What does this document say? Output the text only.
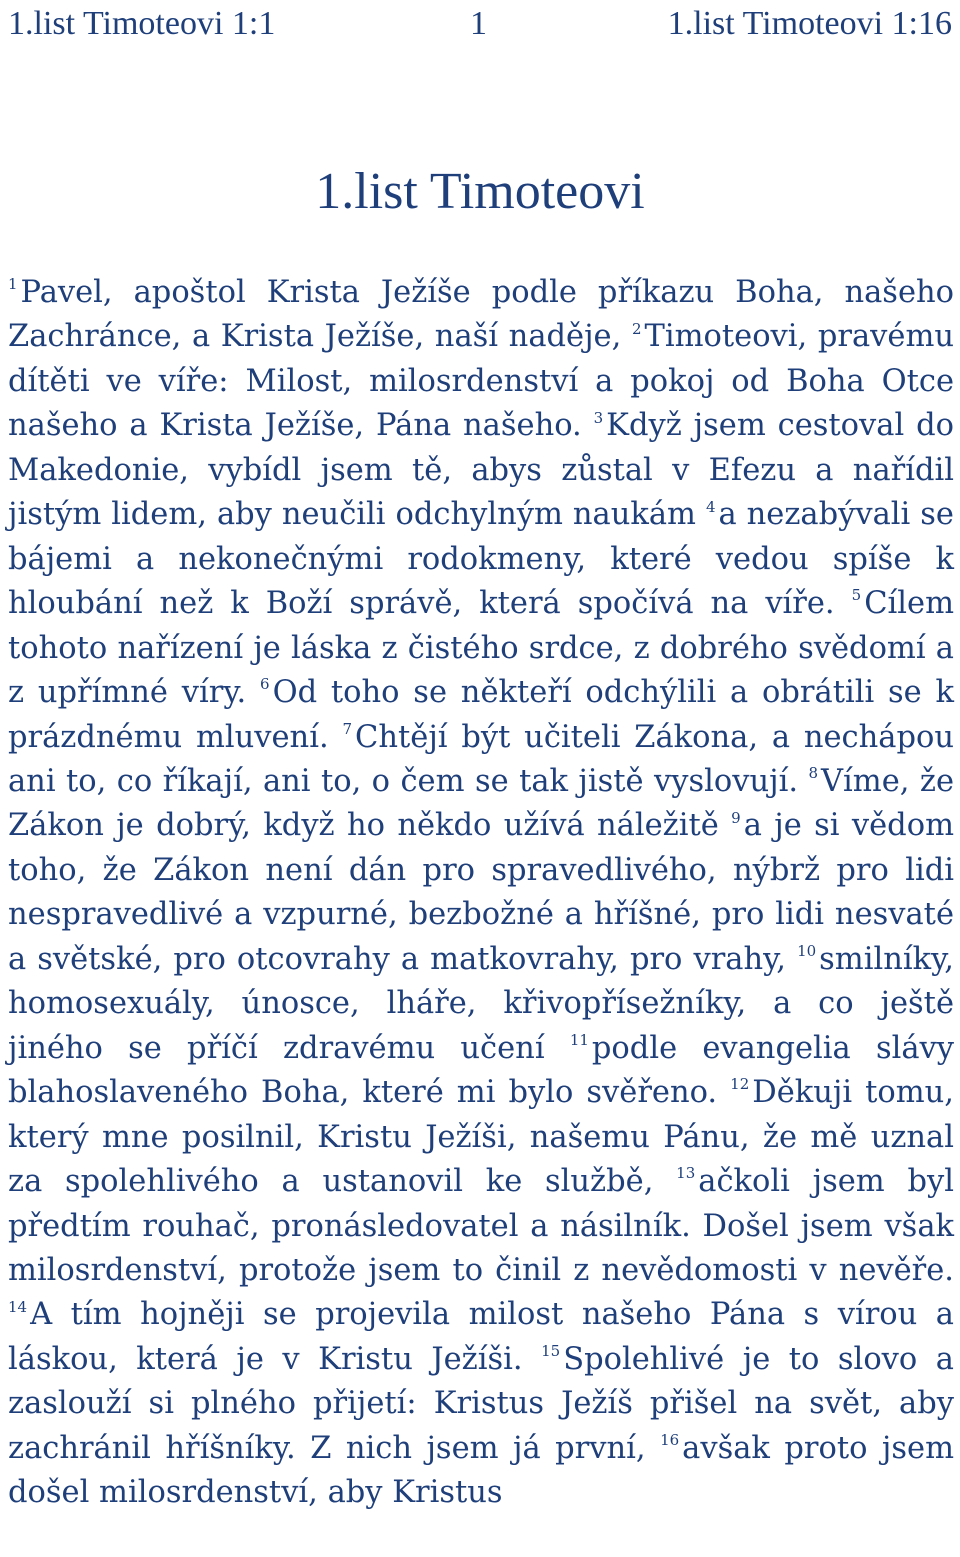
1.list Timoteovi 1:1	1	1.list Timoteovi 1:16
1.list Timoteovi
$^1$Pavel, apoštol Krista Ježíše podle příkazu Boha, našeho Zachránce, a Krista Ježíše, naší naděje, $^2$Timoteovi, pravému dítěti ve víře: Milost, milosrdenství a pokoj od Boha Otce našeho a Krista Ježíše, Pána našeho. $^3$Když jsem cestoval do Makedonie, vybídl jsem tě, abys zůstal v Efezu a nařídil jistým lidem, aby neučili odchylným naukám $^4$a nezabývali se bájemi a nekonečnými rodokmeny, které vedou spíše k hloubání než k Boží správě, která spočívá na víře. $^5$Cílem tohoto nařízení je láska z čistého srdce, z dobrého svědomí a z upřímné víry. $^6$Od toho se někteří odchýlili a obrátili se k prázdnému mluvení. $^7$Chtějí být učiteli Zákona, a nechápou ani to, co říkají, ani to, o čem se tak jistě vyslovují. $^8$Víme, že Zákon je dobrý, když ho někdo užívá náležitě $^9$a je si vědom toho, že Zákon není dán pro spravedlivého, nýbrž pro lidi nespravedlivé a vzpurné, bezbožné a hříšné, pro lidi nesvaté a světské, pro otcovrahy a matkovrahy, pro vrahy, $^{10}$smilníky, homosexuály, únosce, lháře, křivopřísežníky, a co ještě jiného se příčí zdravému učení $^{11}$podle evangelia slávy blahoslaveného Boha, které mi bylo svěřeno. $^{12}$Děkuji tomu, který mne posilnil, Kristu Ježíši, našemu Pánu, že mě uznal za spolehlivého a ustanovil ke službě, $^{13}$ačkoli jsem byl předtím rouhač, pronásledovatel a násilník. Došel jsem však milosrdenství, protože jsem to činil z nevědomosti v nevěře. $^{14}$A tím hojněji se projevila milost našeho Pána s vírou a láskou, která je v Kristu Ježíši. $^{15}$Spolehlivé je to slovo a zaslouží si plného přijetí: Kristus Ježíš přišel na svět, aby zachránil hříšníky. Z nich jsem já první, $^{16}$avšak proto jsem došel milosrdenství, aby Kristus
